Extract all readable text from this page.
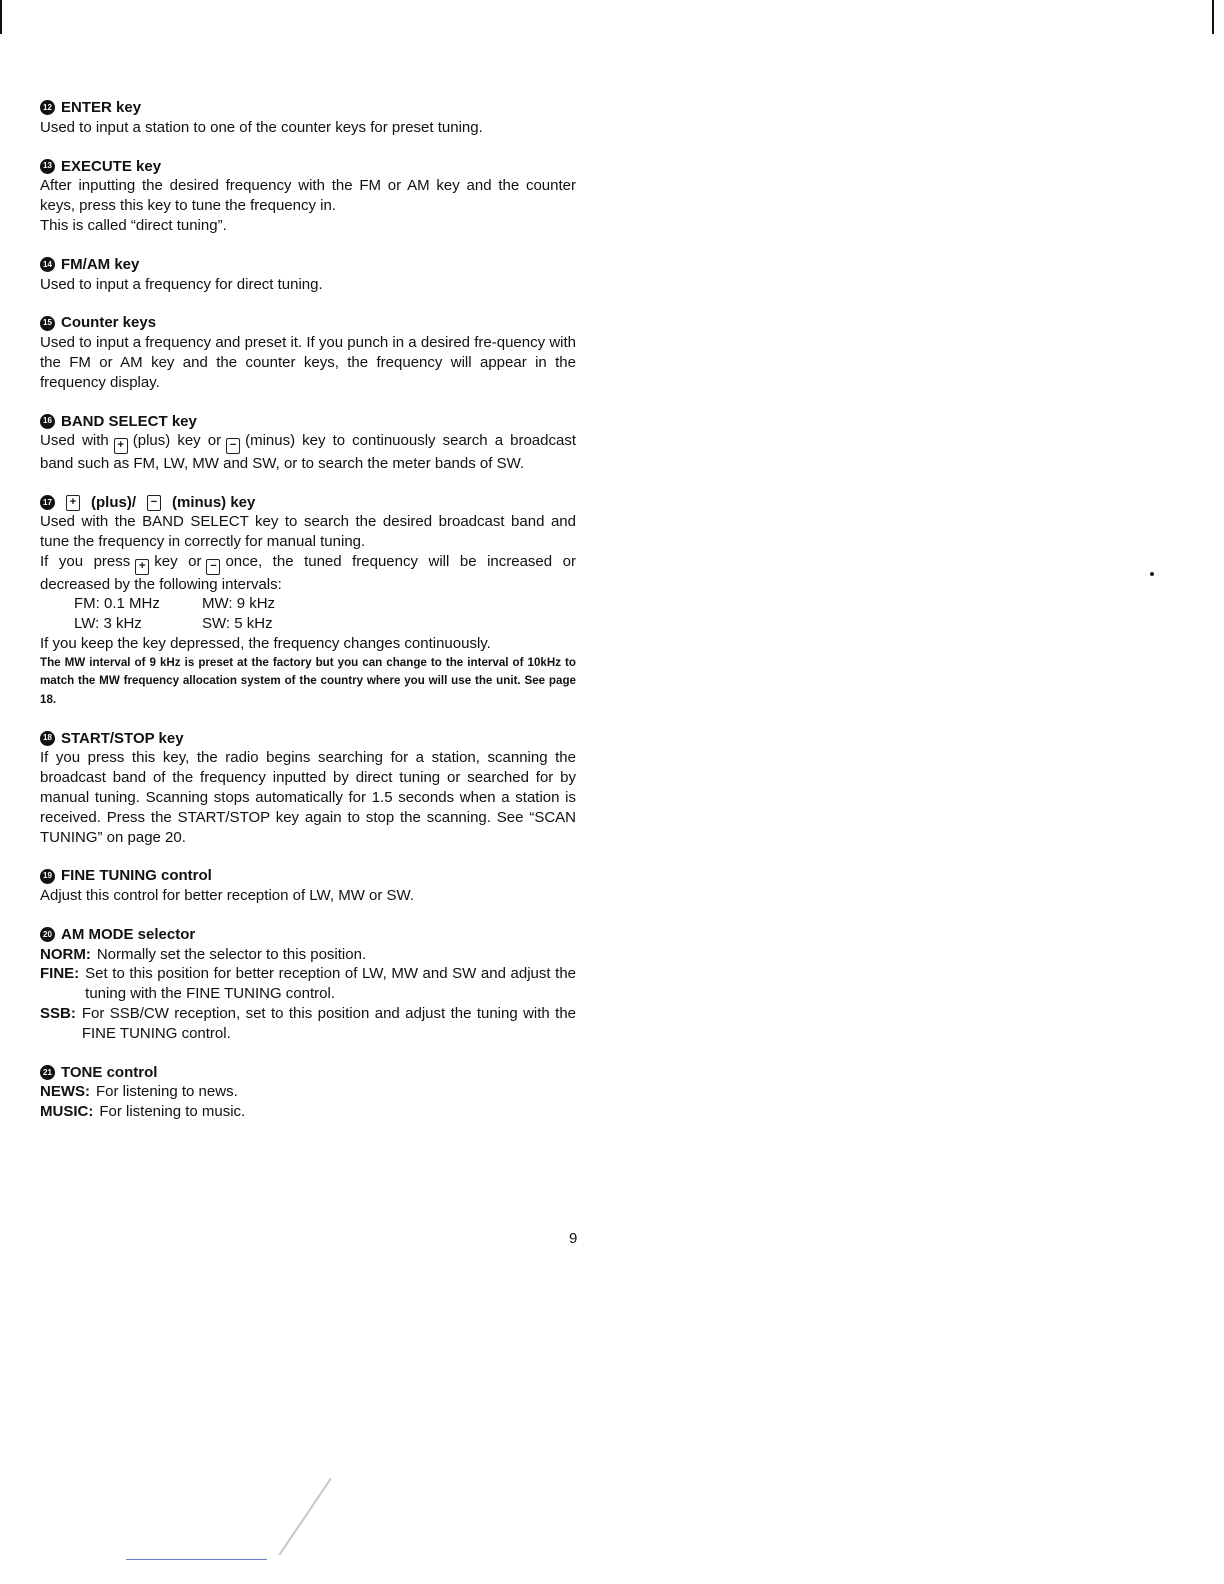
12 ENTER key
Used to input a station to one of the counter keys for preset tuning.
13 EXECUTE key
After inputting the desired frequency with the FM or AM key and the counter keys, press this key to tune the frequency in.
This is called “direct tuning”.
14 FM/AM key
Used to input a frequency for direct tuning.
15 Counter keys
Used to input a frequency and preset it. If you punch in a desired fre-quency with the FM or AM key and the counter keys, the frequency will appear in the frequency display.
16 BAND SELECT key
Used with + (plus) key or − (minus) key to continuously search a broadcast band such as FM, LW, MW and SW, or to search the meter bands of SW.
17	+ (plus)/	− (minus) key
Used with the BAND SELECT key to search the desired broadcast band and tune the frequency in correctly for manual tuning.
If you press + key or − once, the tuned frequency will be increased or decreased by the following intervals:
FM: 0.1 MHz	MW: 9 kHz
LW: 3 kHz	SW: 5 kHz
If you keep the key depressed, the frequency changes continuously.
The MW interval of 9 kHz is preset at the factory but you can change to the interval of 10kHz to match the MW frequency allocation system of the country where you will use the unit. See page 18.
18 START/STOP key
If you press this key, the radio begins searching for a station, scanning the broadcast band of the frequency inputted by direct tuning or searched for by manual tuning. Scanning stops automatically for 1.5 seconds when a station is received. Press the START/STOP key again to stop the scanning. See “SCAN TUNING” on page 20.
19 FINE TUNING control
Adjust this control for better reception of LW, MW or SW.
20 AM MODE selector
NORM: Normally set the selector to this position.
FINE: Set to this position for better reception of LW, MW and SW and adjust the tuning with the FINE TUNING control.
SSB: For SSB/CW reception, set to this position and adjust the tuning with the FINE TUNING control.
21 TONE control
NEWS: For listening to news.
MUSIC: For listening to music.
9
